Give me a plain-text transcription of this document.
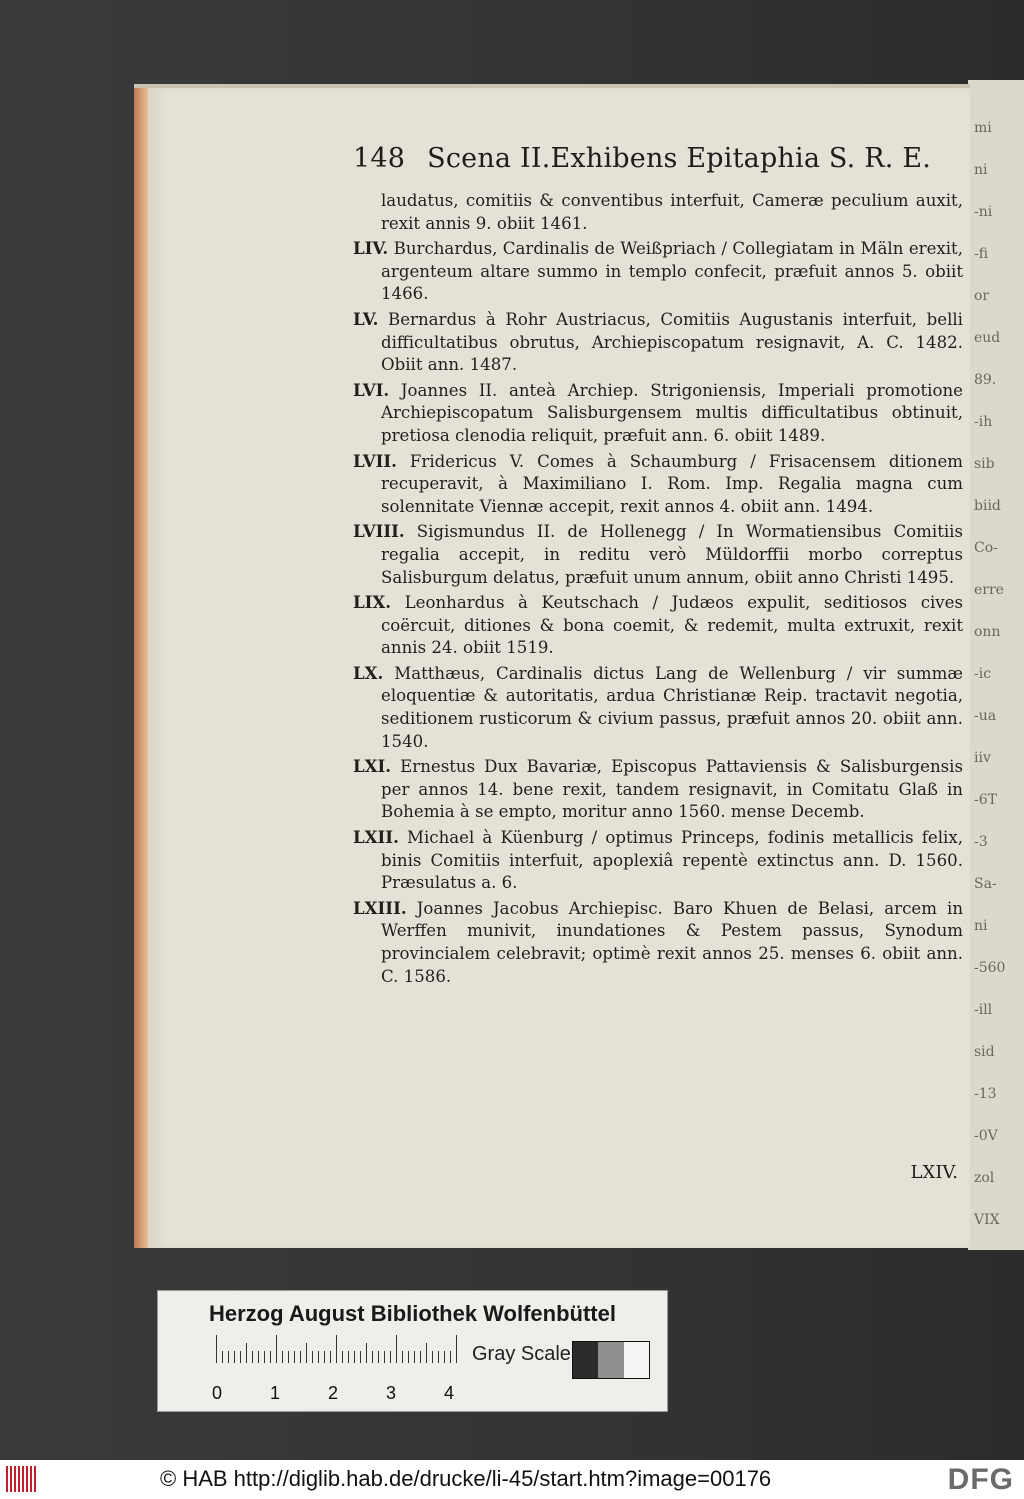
mi
ni
-ni
-fi
or
eud
89.
-ih
sib
biid
Co-
erre
onn
-ic
-ua
iiv
-6T
-3
Sa-
ni
-560
-ill
sid
-13
-0V
zol
VIX
148 Scena II.Exhibens Epitaphia S. R. E.

laudatus, comitiis & conventibus interfuit, Cameræ peculium auxit, rexit annis 9. obiit 1461.

LIV. Burchardus, Cardinalis de Weißpriach / Collegiatam in Mäln erexit, argenteum altare summo in templo confecit, præfuit annos 5. obiit 1466.

LV. Bernardus à Rohr Austriacus, Comitiis Augustanis interfuit, belli difficultatibus obrutus, Archiepiscopatum resignavit, A. C. 1482. Obiit ann. 1487.

LVI. Joannes II. anteà Archiep. Strigoniensis, Imperiali promotione Archiepiscopatum Salisburgensem multis difficultatibus obtinuit, pretiosa clenodia reliquit, præfuit ann. 6. obiit 1489.

LVII. Fridericus V. Comes à Schaumburg / Frisacensem ditionem recuperavit, à Maximiliano I. Rom. Imp. Regalia magna cum solennitate Viennæ accepit, rexit annos 4. obiit ann. 1494.

LVIII. Sigismundus II. de Hollenegg / In Wormatiensibus Comitiis regalia accepit, in reditu verò Müldorffii morbo correptus Salisburgum delatus, præfuit unum annum, obiit anno Christi 1495.

LIX. Leonhardus à Keutschach / Judæos expulit, seditiosos cives coërcuit, ditiones & bona coemit, & redemit, multa extruxit, rexit annis 24. obiit 1519.

LX. Matthæus, Cardinalis dictus Lang de Wellenburg / vir summæ eloquentiæ & autoritatis, ardua Christianæ Reip. tractavit negotia, seditionem rusticorum & civium passus, præfuit annos 20. obiit ann. 1540.

LXI. Ernestus Dux Bavariæ, Episcopus Pattaviensis & Salisburgensis per annos 14. bene rexit, tandem resignavit, in Comitatu Glaß in Bohemia à se empto, moritur anno 1560. mense Decemb.

LXII. Michael à Küenburg / optimus Princeps, fodinis metallicis felix, binis Comitiis interfuit, apoplexiâ repentè extinctus ann. D. 1560. Præsulatus a. 6.

LXIII. Joannes Jacobus Archiepisc. Baro Khuen de Belasi, arcem in Werffen munivit, inundationes & Pestem passus, Synodum provincialem celebravit; optimè rexit annos 25. menses 6. obiit ann. C. 1586.

LXIV.
Herzog August Bibliothek Wolfenbüttel
0	1	2	3	4
Gray Scale
© HAB http://diglib.hab.de/drucke/li-45/start.htm?image=00176	DFG
